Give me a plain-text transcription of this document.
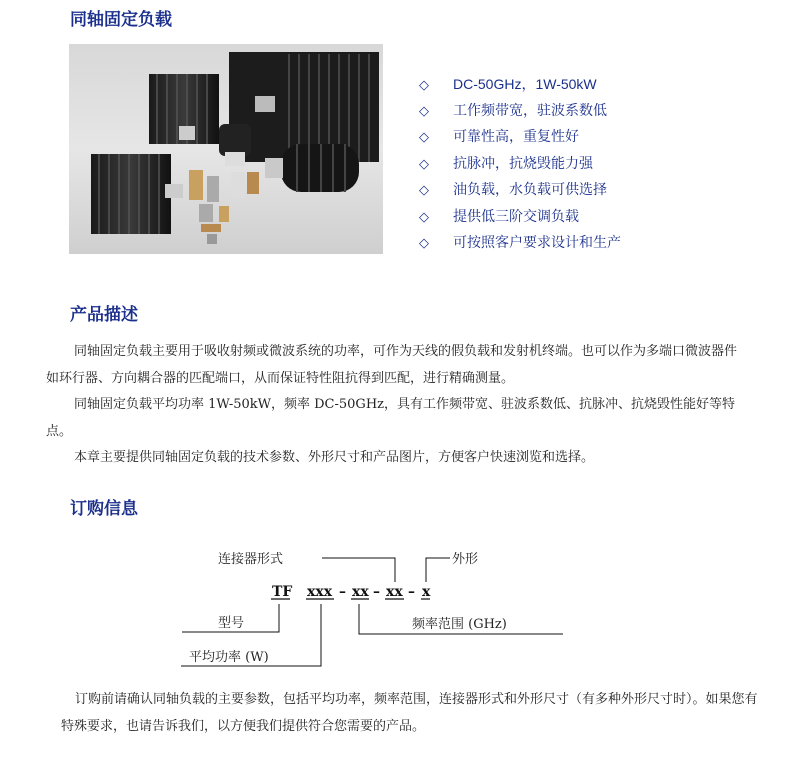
同轴固定负载
◇ DC-50GHz，1W-50kW
◇ 工作频带宽，驻波系数低
◇ 可靠性高，重复性好
◇ 抗脉冲，抗烧毁能力强
◇ 油负载，水负载可供选择
◇ 提供低三阶交调负载
◇ 可按照客户要求设计和生产
产品描述

同轴固定负载主要用于吸收射频或微波系统的功率，可作为天线的假负载和发射机终端。也可以作为多端口微波器件如环行器、方向耦合器的匹配端口，从而保证特性阻抗得到匹配，进行精确测量。

同轴固定负载平均功率 1W-50kW，频率 DC-50GHz，具有工作频带宽、驻波系数低、抗脉冲、抗烧毁性能好等特点。

本章主要提供同轴固定负载的技术参数、外形尺寸和产品图片，方便客户快速浏览和选择。

订购信息
TF xxx – xx – xx – x
连接器形式	外形
型号	频率范围 (GHz)
平均功率 (W)

订购前请确认同轴负载的主要参数，包括平均功率，频率范围，连接器形式和外形尺寸（有多种外形尺寸时）。如果您有特殊要求，也请告诉我们，以方便我们提供符合您需要的产品。
